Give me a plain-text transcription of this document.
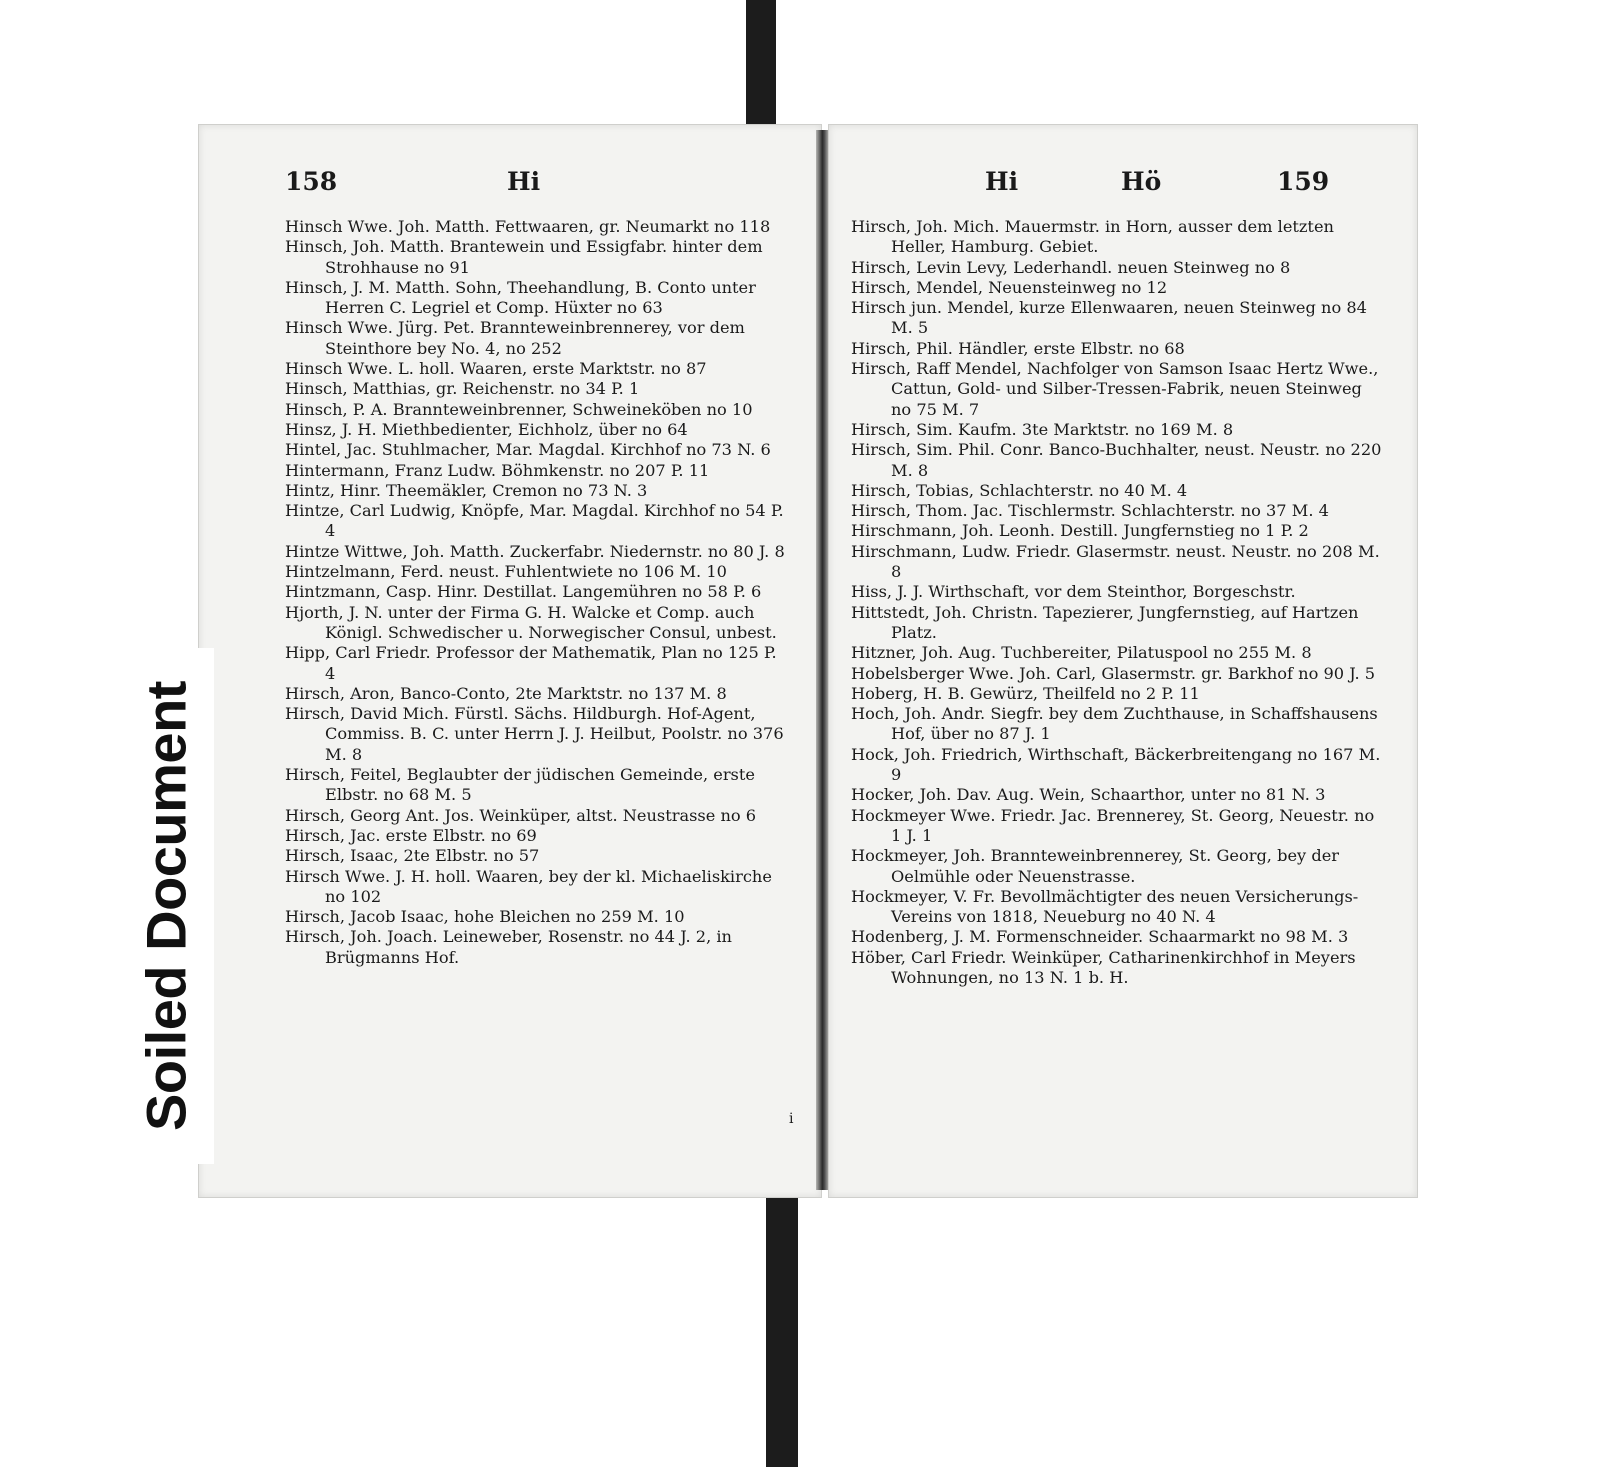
158	Hi

Hinsch Wwe. Joh. Matth. Fettwaaren, gr. Neumarkt no 118

Hinsch, Joh. Matth. Brantewein und Essigfabr. hinter dem Strohhause no 91

Hinsch, J. M. Matth. Sohn, Theehandlung, B. Conto unter Herren C. Legriel et Comp. Hüxter no 63

Hinsch Wwe. Jürg. Pet. Brannteweinbrennerey, vor dem Steinthore bey No. 4, no 252

Hinsch Wwe. L. holl. Waaren, erste Marktstr. no 87

Hinsch, Matthias, gr. Reichenstr. no 34 P. 1

Hinsch, P. A. Brannteweinbrenner, Schweineköben no 10

Hinsz, J. H. Miethbedienter, Eichholz, über no 64

Hintel, Jac. Stuhlmacher, Mar. Magdal. Kirchhof no 73 N. 6

Hintermann, Franz Ludw. Böhmkenstr. no 207 P. 11

Hintz, Hinr. Theemäkler, Cremon no 73 N. 3

Hintze, Carl Ludwig, Knöpfe, Mar. Magdal. Kirchhof no 54 P. 4

Hintze Wittwe, Joh. Matth. Zuckerfabr. Niedernstr. no 80 J. 8

Hintzelmann, Ferd. neust. Fuhlentwiete no 106 M. 10

Hintzmann, Casp. Hinr. Destillat. Langemühren no 58 P. 6

Hjorth, J. N. unter der Firma G. H. Walcke et Comp. auch Königl. Schwedischer u. Norwegischer Consul, unbest.

Hipp, Carl Friedr. Professor der Mathematik, Plan no 125 P. 4

Hirsch, Aron, Banco-Conto, 2te Marktstr. no 137 M. 8

Hirsch, David Mich. Fürstl. Sächs. Hildburgh. Hof-Agent, Commiss. B. C. unter Herrn J. J. Heilbut, Poolstr. no 376 M. 8

Hirsch, Feitel, Beglaubter der jüdischen Gemeinde, erste Elbstr. no 68 M. 5

Hirsch, Georg Ant. Jos. Weinküper, altst. Neustrasse no 6

Hirsch, Jac. erste Elbstr. no 69

Hirsch, Isaac, 2te Elbstr. no 57

Hirsch Wwe. J. H. holl. Waaren, bey der kl. Michaeliskirche no 102

Hirsch, Jacob Isaac, hohe Bleichen no 259 M. 10

Hirsch, Joh. Joach. Leineweber, Rosenstr. no 44 J. 2, in Brügmanns Hof.

i
Hi	Hö	159

Hirsch, Joh. Mich. Mauermstr. in Horn, ausser dem letzten Heller, Hamburg. Gebiet.

Hirsch, Levin Levy, Lederhandl. neuen Steinweg no 8

Hirsch, Mendel, Neuensteinweg no 12

Hirsch jun. Mendel, kurze Ellenwaaren, neuen Steinweg no 84 M. 5

Hirsch, Phil. Händler, erste Elbstr. no 68

Hirsch, Raff Mendel, Nachfolger von Samson Isaac Hertz Wwe., Cattun, Gold- und Silber-Tressen-Fabrik, neuen Steinweg no 75 M. 7

Hirsch, Sim. Kaufm. 3te Marktstr. no 169 M. 8

Hirsch, Sim. Phil. Conr. Banco-Buchhalter, neust. Neustr. no 220 M. 8

Hirsch, Tobias, Schlachterstr. no 40 M. 4

Hirsch, Thom. Jac. Tischlermstr. Schlachterstr. no 37 M. 4

Hirschmann, Joh. Leonh. Destill. Jungfernstieg no 1 P. 2

Hirschmann, Ludw. Friedr. Glasermstr. neust. Neustr. no 208 M. 8

Hiss, J. J. Wirthschaft, vor dem Steinthor, Borgeschstr.

Hittstedt, Joh. Christn. Tapezierer, Jungfernstieg, auf Hartzen Platz.

Hitzner, Joh. Aug. Tuchbereiter, Pilatuspool no 255 M. 8

Hobelsberger Wwe. Joh. Carl, Glasermstr. gr. Barkhof no 90 J. 5

Hoberg, H. B. Gewürz, Theilfeld no 2 P. 11

Hoch, Joh. Andr. Siegfr. bey dem Zuchthause, in Schaffshausens Hof, über no 87 J. 1

Hock, Joh. Friedrich, Wirthschaft, Bäckerbreitengang no 167 M. 9

Hocker, Joh. Dav. Aug. Wein, Schaarthor, unter no 81 N. 3

Hockmeyer Wwe. Friedr. Jac. Brennerey, St. Georg, Neuestr. no 1 J. 1

Hockmeyer, Joh. Brannteweinbrennerey, St. Georg, bey der Oelmühle oder Neuenstrasse.

Hockmeyer, V. Fr. Bevollmächtigter des neuen Versicherungs-Vereins von 1818, Neueburg no 40 N. 4

Hodenberg, J. M. Formenschneider. Schaarmarkt no 98 M. 3

Höber, Carl Friedr. Weinküper, Catharinenkirchhof in Meyers Wohnungen, no 13 N. 1 b. H.

Soiled Document
